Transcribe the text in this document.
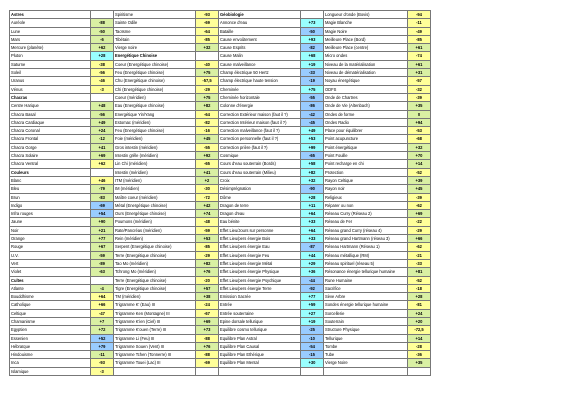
Astres		Spiritisme	-93	Géobiologie		Longueur d'onde (Bovis)	-94
Auréole	-88	Sainte Odile	-69	Annonce d'eau	+73	Magie Blanche	-11
Lune	-50	Taoïsme	-64	Bataille	-50	Magie Noire	-49
Mars	-6	Tibétain	-85	Cause envoûtement	+93	Meilleure Place (Bord)	-85
Mercure (planète)	+62	Vierge noire	+32	Cause Esprits	-82	Meilleure Place (centre)	+61
Pluton	+28	Energétique Chinoise		Cause Malin	+68	Micro ondes	-74
Saturne	-38	Coeur (Energétique chinoise)	-40	Cause malveillance	+19	Niveau de la matérialisation	+61
Soleil	-56	Feu (Energétique chinoise)	+75	Champ électrique 50 Hertz	-33	Niveau de dématérialisation	+31
Uranus	-46	Chu (Energétique chinoise)	-57,5	Champ électrique haute tension	-19	Noyau énergétique	-57
Vénus	-3	Chi (Energétique chinoise)	-29	Cheminée	+75	ODFS	-32
Chacras		Coeur (méridien)	+75	Cheminée horizontale	-55	Onde de Chartres	-39
Centre Harique	+48	Eau (Energétique chinoise)	+82	Colonne d'énergie	-86	Onde de Vie (Altenbach)	+35
Chacra Basal	-56	Energétique Yin/Yang	-64	Correction Extérieur maison (faut il ?)	-42	Ondes de forme	0
Chacra Cardiaque	+49	Estomac (méridien)	-82	Correction Intérieur maison (faut il ?)	-45	Ondes Radio	+94
Chacra Coronal	+24	Feu (Energétique chinoise)	-16	Correction malveillance (faut il ?)	+49	Place pour équilibrer	-53
Chacra Frontal	-12	Foie (méridien)	+45	Correction personnelle (faut il ?)	+53	Point acupuncture	-68
Chacra Gorge	+41	Gros intestin (méridien)	-55	Correction prière (faut il ?)	+99	Point énergétique	+32
Chacra Solaire	+69	Intestin grêle (méridien)	+92	Cosmique	-65	Point Fouille	+70
Chacra Ventral	+62	Lin Chi (méridien)	-65	Cours d'eau souterrain (Bords)	+58	Point recharge en chi	+14
Couleurs		Intestin (méridien)	+41	Cours d'eau souterrain (Milieu)	+82	Protection	-52
Blanc	+46	ITM (méridien)	+2	Croix	+32	Rayon Celtique	+39
Bleu	-79	IM (méridien)	-30	Désimprégnation	-90	Rayon noir	+45
Brun	-83	Maître coeur (méridien)	-72	Dôme	+28	Religieux	-39
Indigo	-69	Métal (Energétique chinoise)	+42	Dragon de terre	+11	Réparer ou non	-62
Infra rouges	+54	Ours (Energétique chinoise)	+74	Dragon d'eau	+64	Réseau Curry (Réseau 2)	+69
Jaune	+90	Poumons (méridien)	-48	Eau bénite	+33	Réseau de Fer	-22
Noir	+21	Rate/Pancréas (méridien)	-59	Effet Lieu/Jours sur personne	+64	Réseau grand Curry (réseau 4)	-29
Orange	+77	Rein (méridien)	+53	Effet Lieu/pers énergie Bois	+33	Réseau grand Hartmann (réseau 3)	+66
Rouge	+67	Serpent (Energétique chinoise)	-85	Effet Lieu/pers énergie Eau	-87	Réseau Hartmann (Réseau 1)	-62
U.V.	-59	Terre (Energétique chinoise)	-29	Effet Lieu/pers énergie Feu	+44	Réseau métallique (RM)	-21
Vert	-89	Tao Mo (méridien)	+82	Effet Lieu/pers énergie Métal	+29	Réseau spirituel (réseau 5)	-33
Violet	-63	Tchrong Mo (méridien)	+76	Effet Lieu/pers énergie Physique	+36	Résonance énergie tellurique humaine	+81
Cultes		Terre (Energétique chinoise)	-20	Effet Lieu/pers énergie Psychique	-44	Rune Humaine	-52
Atlante	-4	Tigre (Energétique chinoise)	+57	Effet Lieu/pers énergie Terre	-92	Sacrifice	-18
Bouddhisme	+64	TM (méridien)	+38	Emission Sacrée	+77	Sève Arbre	+28
Catholique	+66	Trigramme K' (Eau) III	-24	Entrée	+59	Sondes énergie tellurique humaine	-81
Celtique	-47	Trigramme Ken (Montagne) III	-67	Entrée souterraine	+27	Sorcellerie	+24
Chamanisme	+7	Trigramme K'ien (Ciel) III	+69	Epine dorsale tellurique	+19	Souterrain	+20
Egyptien	+72	Trigramme K'ouen (Terre) III	+73	Equilibre cosmo tellurique	-25	Structure Physique	-72,5
Essenien	+52	Trigramme Li (Feu) III	-88	Equilibre Plan Astral	-10	Tellurique	+14
Hébraïque	+79	Trigramme Souen (Vent) III	+76	Equilibre Plan Causal	-54	Tombe	-28
Hindouisme	-11	Trigramme Tchen (Tonnerre) III	-88	Equilibre Plan Ethérique	-15	Tube	-36
Inca	-93	Trigramme Touei (Lac) III	-69	Equilibre Plan Mental	+30	Vierge Noire	+35
Islamique	-3						
